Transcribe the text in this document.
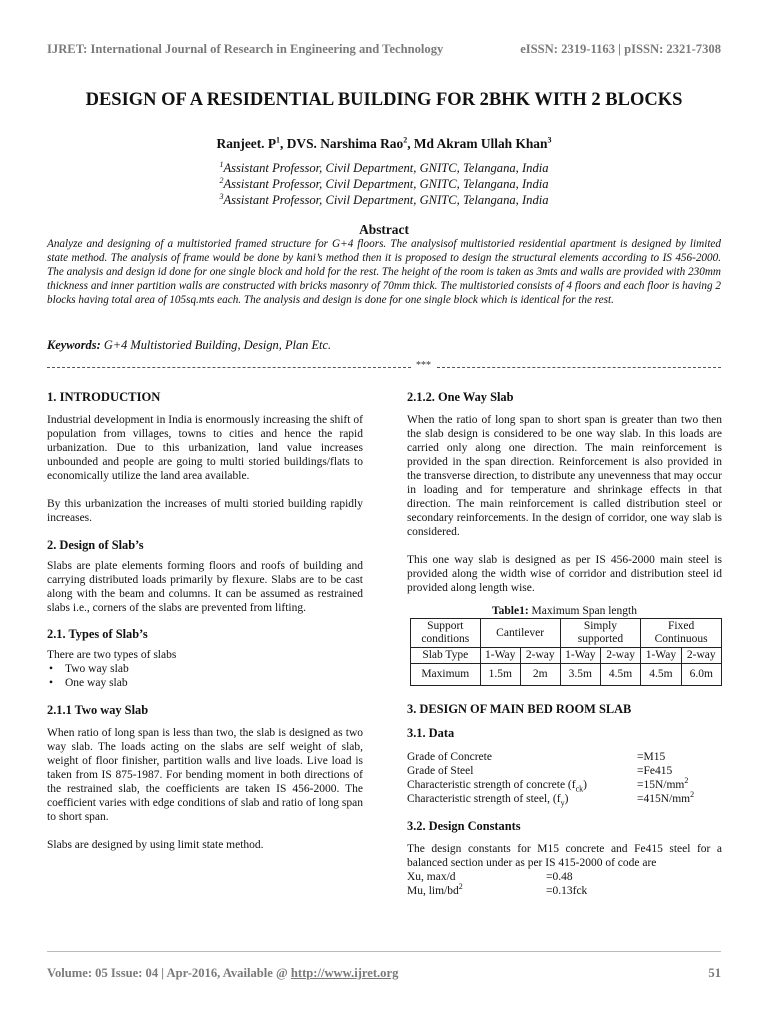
IJRET: International Journal of Research in Engineering and Technology	eISSN: 2319-1163 | pISSN: 2321-7308
DESIGN OF A RESIDENTIAL BUILDING FOR 2BHK WITH 2 BLOCKS
Ranjeet. $P^1$, DVS. Narshima Rao$^2$, Md Akram Ullah Khan$^3$
$^1$Assistant Professor, Civil Department, GNITC, Telangana, India
$^2$Assistant Professor, Civil Department, GNITC, Telangana, India
$^3$Assistant Professor, Civil Department, GNITC, Telangana, India
Abstract
Analyze and designing of a multistoried framed structure for G+4 floors. The analysisof multistoried residential apartment is designed by limited state method. The analysis of frame would be done by kani’s method then it is proposed to design the structural elements according to IS 456-2000. The analysis and design id done for one single block and hold for the rest. The height of the room is taken as 3mts and walls are provided with 230mm thickness and inner partition walls are constructed with bricks masonry of 70mm thick. The multistoried consists of 4 floors and each floor is having 2 blocks having total area of 105sq.mts each. The analysis and design is done for one single block which is identical for the rest.
Keywords: G+4 Multistoried Building, Design, Plan Etc.
***
1. INTRODUCTION

Industrial development in India is enormously increasing the shift of population from villages, towns to cities and hence the rapid urbanization. Due to this urbanization, land value increases unbounded and people are going to multi storied buildings/flats to economically utilize the land area available.

By this urbanization the increases of multi storied building rapidly increases.

2. Design of Slab’s

Slabs are plate elements forming floors and roofs of building and carrying distributed loads primarily by flexure. Slabs are to be cast along with the beam and columns. It can be assumed as restrained slabs i.e., corners of the slabs are prevented from lifting.

2.1. Types of Slab’s

There are two types of slabs

• Two way slab
• One way slab
2.1.1 Two way Slab

When ratio of long span is less than two, the slab is designed as two way slab. The loads acting on the slabs are self weight of slab, weight of floor finisher, partition walls and live loads. Live load is taken from IS 875-1987. For bending moment in both directions of the restrained slab, the coefficients are taken IS 456-2000. The coefficient varies with edge conditions of slab and ratio of long span to short span.

Slabs are designed by using limit state method.

2.1.2. One Way Slab

When the ratio of long span to short span is greater than two then the slab design is considered to be one way slab. In this loads are carried only along one direction. The main reinforcement is provided in the span direction. Reinforcement is also provided in the transverse direction, to distribute any unevenness that may occur in loading and for temperature and shrinkage effects in that direction. The main reinforcement is called distribution steel or secondary reinforcements. In the design of corridor, one way slab is considered.

This one way slab is designed as per IS 456-2000 main steel is provided along the width wise of corridor and distribution steel id provided along length wise.

Table1: Maximum Span length
Support conditions	Cantilever		Simply supported		Fixed Continuous	
Slab Type	1-Way	2-way	1-Way	2-way	1-Way	2-way
Maximum	1.5m	2m	3.5m	4.5m	4.5m	6.0m
3. DESIGN OF MAIN BED ROOM SLAB
3.1. Data
Grade of Concrete	=M15
Grade of Steel	=Fe415
Characteristic strength of concrete $(f_{ck})$	$=15N/mm^2$
Characteristic strength of steel, $(f_y)$	$=415N/mm^2$
3.2. Design Constants

The design constants for M15 concrete and Fe415 steel for a balanced section under as per IS 415-2000 of code are

Xu, max/d	=0.48
Mu, $\lim/bd^2$	=0.13fck
Volume: 05 Issue: 04 | Apr-2016, Available @ http://www.ijret.org	51
